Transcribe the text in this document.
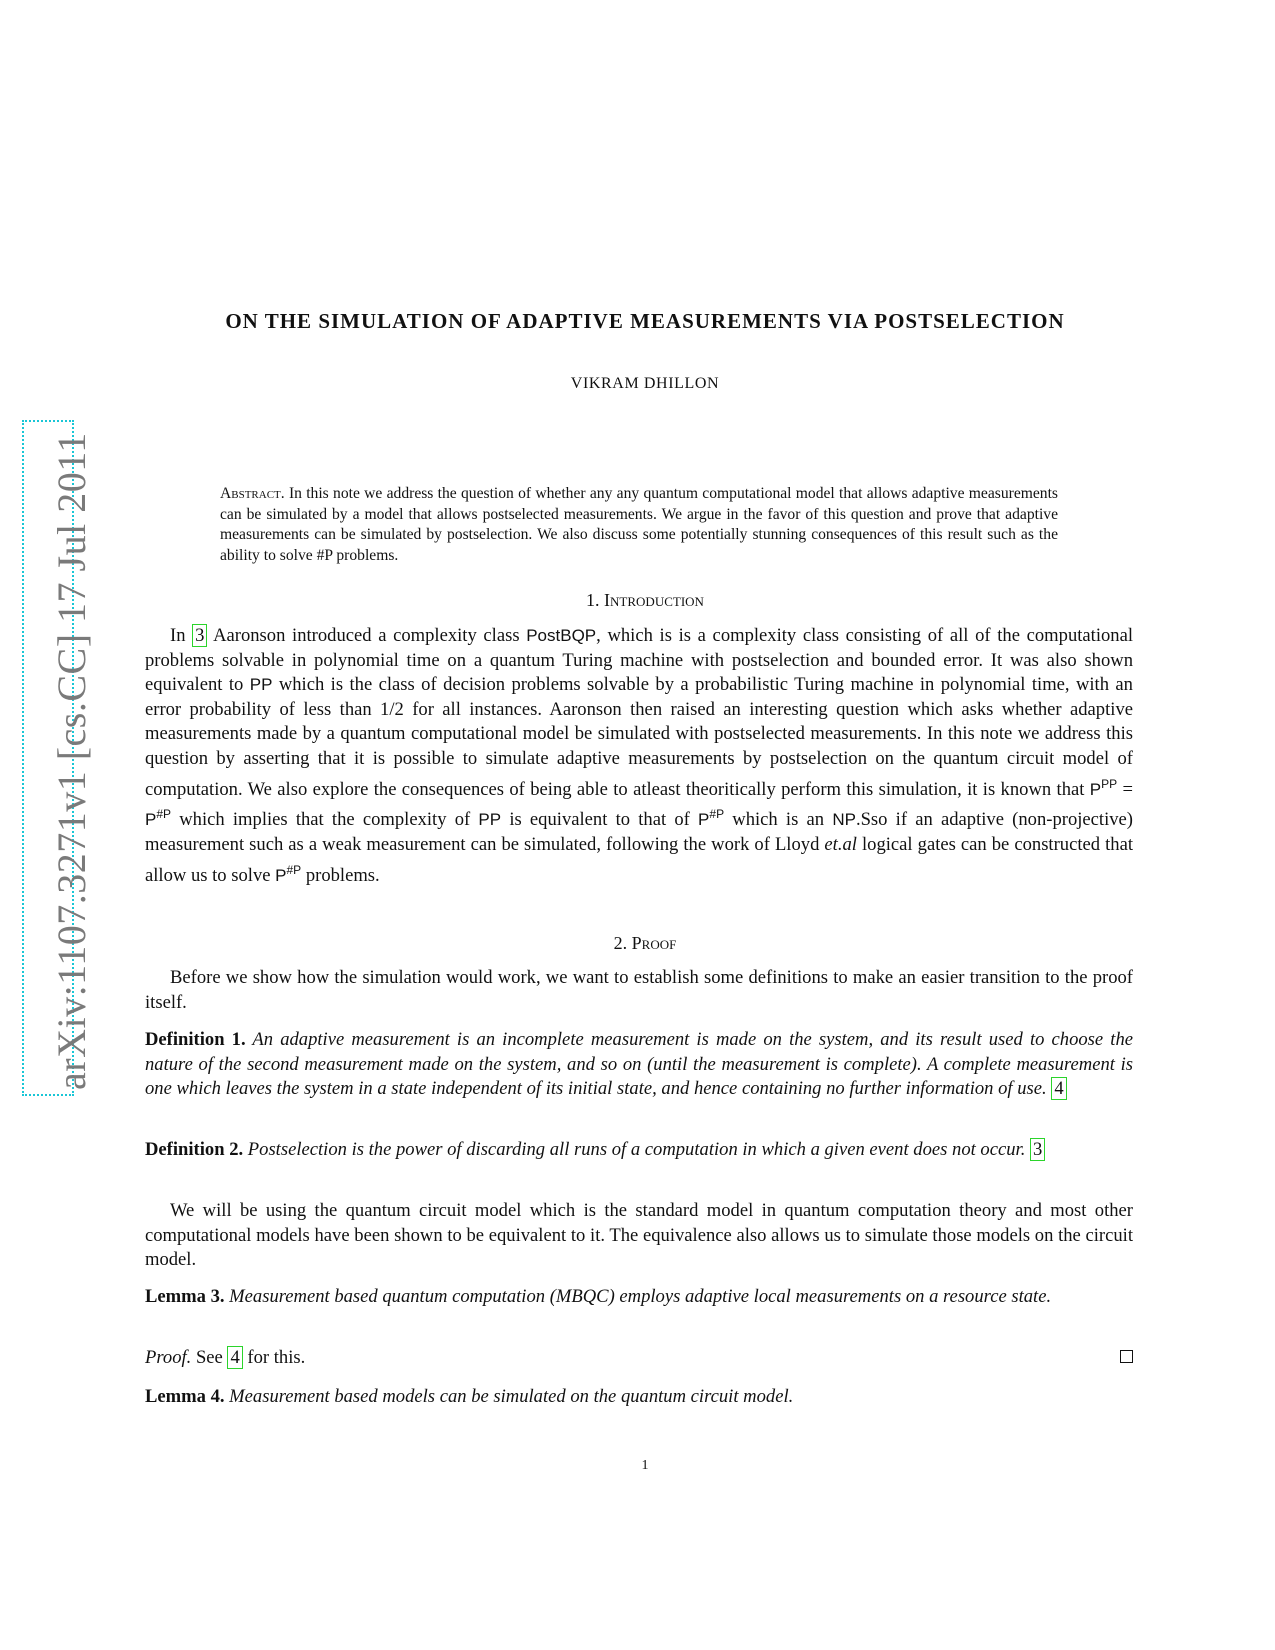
arXiv:1107.3271v1 [cs.CC] 17 Jul 2011
ON THE SIMULATION OF ADAPTIVE MEASUREMENTS VIA POSTSELECTION
VIKRAM DHILLON
Abstract. In this note we address the question of whether any any quantum computational model that allows adaptive measurements can be simulated by a model that allows postselected measurements. We argue in the favor of this question and prove that adaptive measurements can be simulated by postselection. We also discuss some potentially stunning consequences of this result such as the ability to solve #P problems.
1. Introduction
In 3 Aaronson introduced a complexity class PostBQP, which is is a complexity class consisting of all of the computational problems solvable in polynomial time on a quantum Turing machine with postselection and bounded error. It was also shown equivalent to PP which is the class of decision problems solvable by a probabilistic Turing machine in polynomial time, with an error probability of less than 1/2 for all instances. Aaronson then raised an interesting question which asks whether adaptive measurements made by a quantum computational model be simulated with postselected measurements. In this note we address this question by asserting that it is possible to simulate adaptive measurements by postselection on the quantum circuit model of computation. We also explore the consequences of being able to atleast theoritically perform this simulation, it is known that $P^{PP} = P^{\#P}$ which implies that the complexity of PP is equivalent to that of $P^{\#P}$ which is an NP.Sso if an adaptive (non-projective) measurement such as a weak measurement can be simulated, following the work of Lloyd et.al logical gates can be constructed that allow us to solve $P^{\#P}$ problems.
2. Proof
Before we show how the simulation would work, we want to establish some definitions to make an easier transition to the proof itself.
Definition 1. An adaptive measurement is an incomplete measurement is made on the system, and its result used to choose the nature of the second measurement made on the system, and so on (until the measurement is complete). A complete measurement is one which leaves the system in a state independent of its initial state, and hence containing no further information of use. 4
Definition 2. Postselection is the power of discarding all runs of a computation in which a given event does not occur. 3
We will be using the quantum circuit model which is the standard model in quantum computation theory and most other computational models have been shown to be equivalent to it. The equivalence also allows us to simulate those models on the circuit model.
Lemma 3. Measurement based quantum computation (MBQC) employs adaptive local measurements on a resource state.
Proof. See 4 for this.
Lemma 4. Measurement based models can be simulated on the quantum circuit model.
1
